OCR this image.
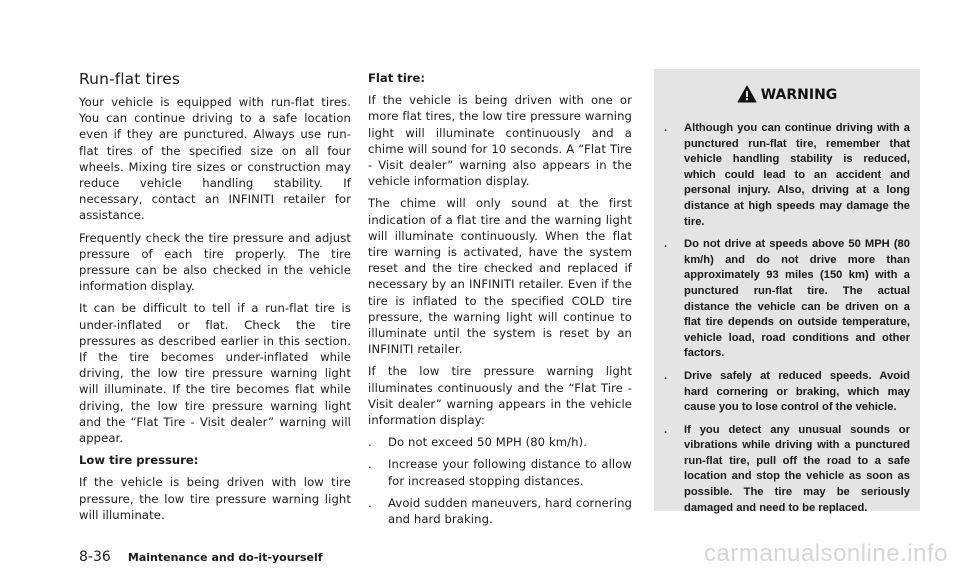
Run-flat tires

Your vehicle is equipped with run-flat tires. You can continue driving to a safe location even if they are punctured. Always use run-flat tires of the specified size on all four wheels. Mixing tire sizes or construction may reduce vehicle handling stability. If necessary, contact an INFINITI retailer for assistance.

Frequently check the tire pressure and adjust pressure of each tire properly. The tire pressure can be also checked in the vehicle information display.

It can be difficult to tell if a run-flat tire is under-inflated or flat. Check the tire pressures as described earlier in this section. If the tire becomes under-inflated while driving, the low tire pressure warning light will illuminate. If the tire becomes flat while driving, the low tire pressure warning light and the “Flat Tire - Visit dealer” warning will appear.

Low tire pressure:

If the vehicle is being driven with low tire pressure, the low tire pressure warning light will illuminate.

Flat tire:

If the vehicle is being driven with one or more flat tires, the low tire pressure warning light will illuminate continuously and a chime will sound for 10 seconds. A “Flat Tire - Visit dealer” warning also appears in the vehicle information display.

The chime will only sound at the first indication of a flat tire and the warning light will illuminate continuously. When the flat tire warning is activated, have the system reset and the tire checked and replaced if necessary by an INFINITI retailer. Even if the tire is inflated to the specified COLD tire pressure, the warning light will continue to illuminate until the system is reset by an INFINITI retailer.

If the low tire pressure warning light illuminates continuously and the “Flat Tire - Visit dealer” warning appears in the vehicle information display:

. Do not exceed 50 MPH (80 km/h).
. Increase your following distance to allow for increased stopping distances.
. Avoid sudden maneuvers, hard cornering and hard braking.
WARNING
. Although you can continue driving with a punctured run-flat tire, remember that vehicle handling stability is reduced, which could lead to an accident and personal injury. Also, driving at a long distance at high speeds may damage the tire.
. Do not drive at speeds above 50 MPH (80 km/h) and do not drive more than approximately 93 miles (150 km) with a punctured run-flat tire. The actual distance the vehicle can be driven on a flat tire depends on outside temperature, vehicle load, road conditions and other factors.
. Drive safely at reduced speeds. Avoid hard cornering or braking, which may cause you to lose control of the vehicle.
. If you detect any unusual sounds or vibrations while driving with a punctured run-flat tire, pull off the road to a safe location and stop the vehicle as soon as possible. The tire may be seriously damaged and need to be replaced.
8-36 Maintenance and do-it-yourself	carmanualsonline.info
